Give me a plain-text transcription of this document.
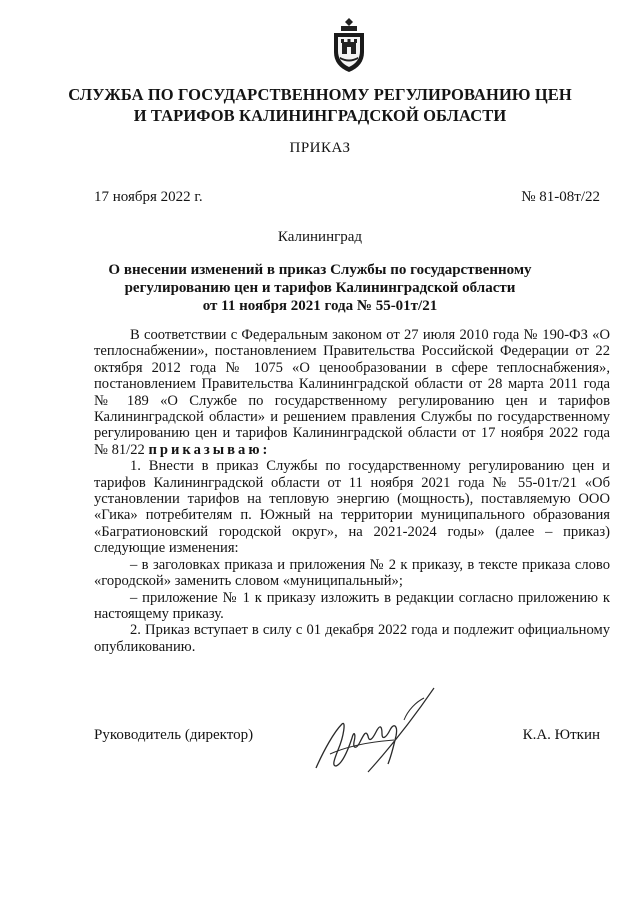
СЛУЖБА ПО ГОСУДАРСТВЕННОМУ РЕГУЛИРОВАНИЮ ЦЕН
И ТАРИФОВ КАЛИНИНГРАДСКОЙ ОБЛАСТИ
ПРИКАЗ
17 ноября 2022 г.	№ 81-08т/22
Калининград
О внесении изменений в приказ Службы по государственному
регулированию цен и тарифов Калининградской области
от 11 ноября 2021 года № 55-01т/21

В соответствии с Федеральным законом от 27 июля 2010 года № 190-ФЗ «О теплоснабжении», постановлением Правительства Российской Федерации от 22 октября 2012 года № 1075 «О ценообразовании в сфере теплоснабжения», постановлением Правительства Калининградской области от 28 марта 2011 года № 189 «О Службе по государственному регулированию цен и тарифов Калининградской области» и решением правления Службы по государственному регулированию цен и тарифов Калининградской области от 17 ноября 2022 года № 81/22 приказываю:

1. Внести в приказ Службы по государственному регулированию цен и тарифов Калининградской области от 11 ноября 2021 года № 55-01т/21 «Об установлении тарифов на тепловую энергию (мощность), поставляемую ООО «Гика» потребителям п. Южный на территории муниципального образования «Багратионовский городской округ», на 2021-2024 годы» (далее – приказ) следующие изменения:

– в заголовках приказа и приложения № 2 к приказу, в тексте приказа слово «городской» заменить словом «муниципальный»;

– приложение № 1 к приказу изложить в редакции согласно приложению к настоящему приказу.

2. Приказ вступает в силу с 01 декабря 2022 года и подлежит официальному опубликованию.

Руководитель (директор)	К.А. Юткин
